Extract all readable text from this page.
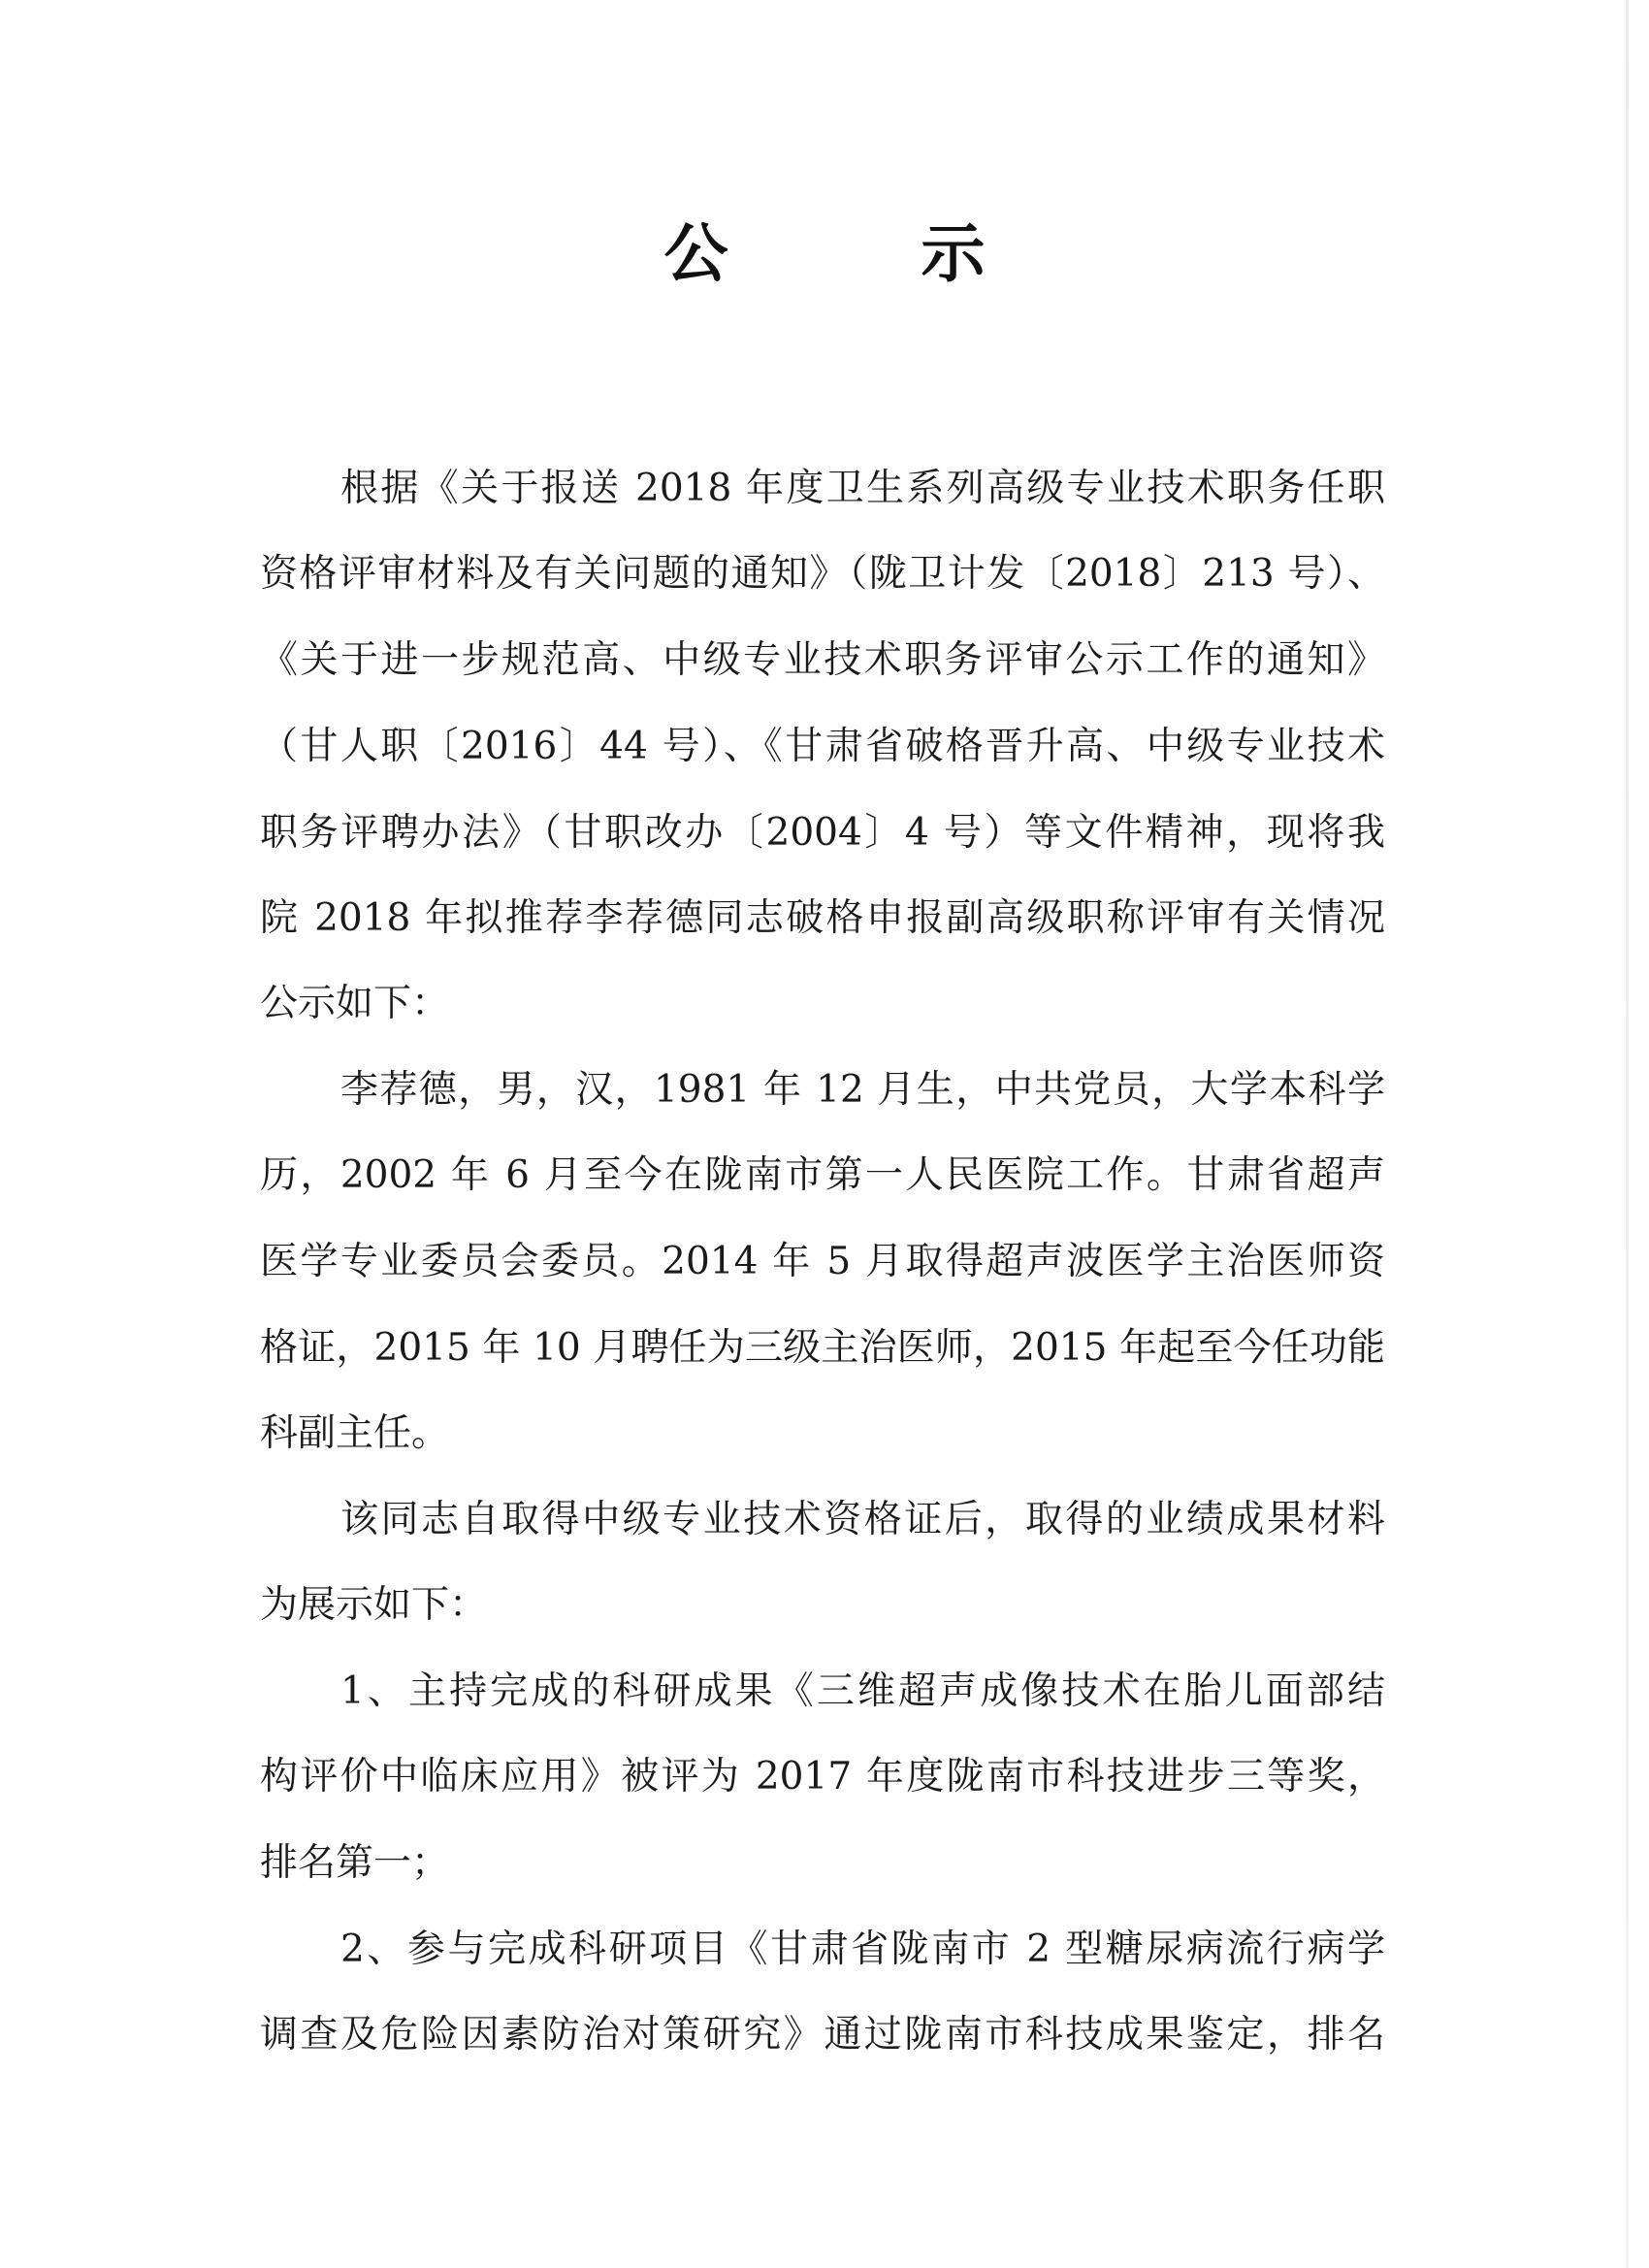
公 示
根据《关于报送 2018 年度卫生系列高级专业技术职务任职
资格评审材料及有关问题的通知》（陇卫计发〔2018〕213 号）、
《关于进一步规范高、中级专业技术职务评审公示工作的通知》
（甘人职〔2016〕44 号）、《甘肃省破格晋升高、中级专业技术
职务评聘办法》（甘职改办〔2004〕4 号）等文件精神，现将我
院 2018 年拟推荐李荐德同志破格申报副高级职称评审有关情况
公示如下：
李荐德，男，汉，1981 年 12 月生，中共党员，大学本科学
历，2002 年 6 月至今在陇南市第一人民医院工作。甘肃省超声
医学专业委员会委员。2014 年 5 月取得超声波医学主治医师资
格证，2015 年 10 月聘任为三级主治医师，2015 年起至今任功能
科副主任。
该同志自取得中级专业技术资格证后，取得的业绩成果材料
为展示如下：
1、主持完成的科研成果《三维超声成像技术在胎儿面部结
构评价中临床应用》被评为 2017 年度陇南市科技进步三等奖，
排名第一；
2、参与完成科研项目《甘肃省陇南市 2 型糖尿病流行病学
调查及危险因素防治对策研究》通过陇南市科技成果鉴定，排名
